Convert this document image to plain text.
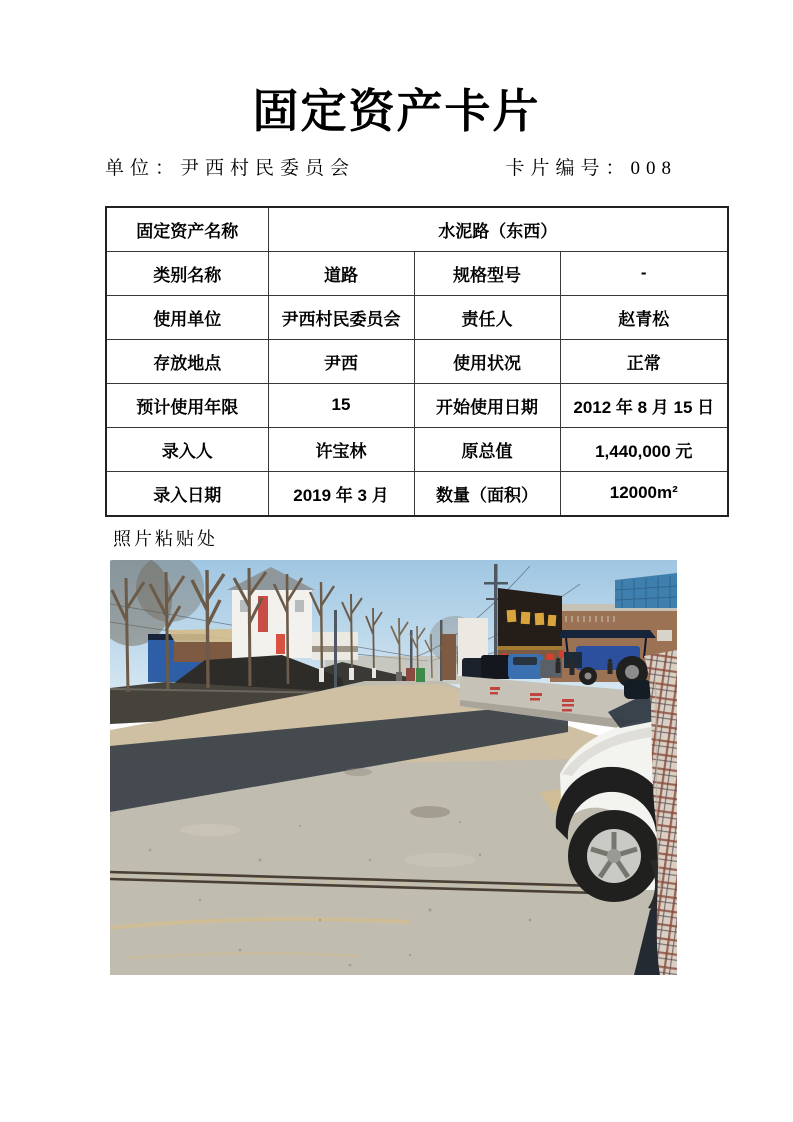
固定资产卡片
单位：尹西村民委员会	卡片编号：008
固定资产名称	水泥路（东西）		
类别名称	道路	规格型号	-
使用单位	尹西村民委员会	责任人	赵青松
存放地点	尹西	使用状况	正常
预计使用年限	15	开始使用日期	2012 年 8 月 15 日
录入人	许宝林	原总值	1,440,000 元
录入日期	2019 年 3 月	数量（面积）	12000m²
照片粘贴处
